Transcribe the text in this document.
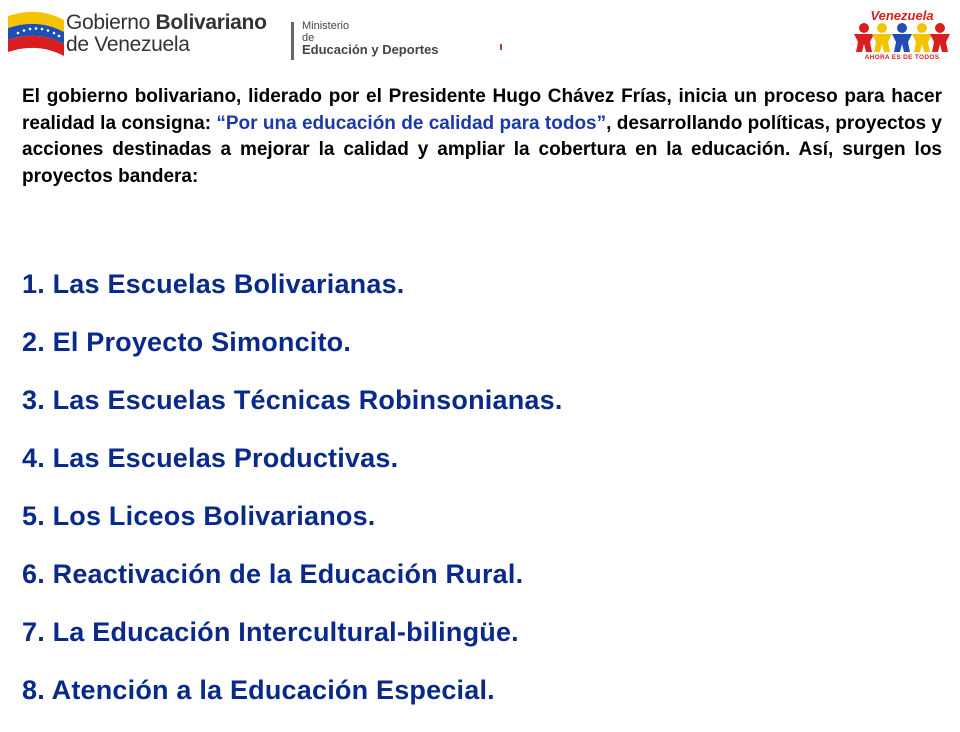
Gobierno Bolivariano
de Venezuela
Ministerio
de
Educación y Deportes
Venezuela
AHORA ES DE TODOS
El gobierno bolivariano, liderado por el Presidente Hugo Chávez Frías, inicia un proceso para hacer realidad la consigna: “Por una educación de calidad para todos”, desarrollando políticas, proyectos y acciones destinadas a mejorar la calidad y ampliar la cobertura en la educación. Así, surgen los proyectos bandera:
1. Las Escuelas Bolivarianas.
2. El Proyecto Simoncito.
3. Las Escuelas Técnicas Robinsonianas.
4. Las Escuelas Productivas.
5. Los Liceos Bolivarianos.
6. Reactivación de la Educación Rural.
7. La Educación Intercultural-bilingüe.
8. Atención a la Educación Especial.
